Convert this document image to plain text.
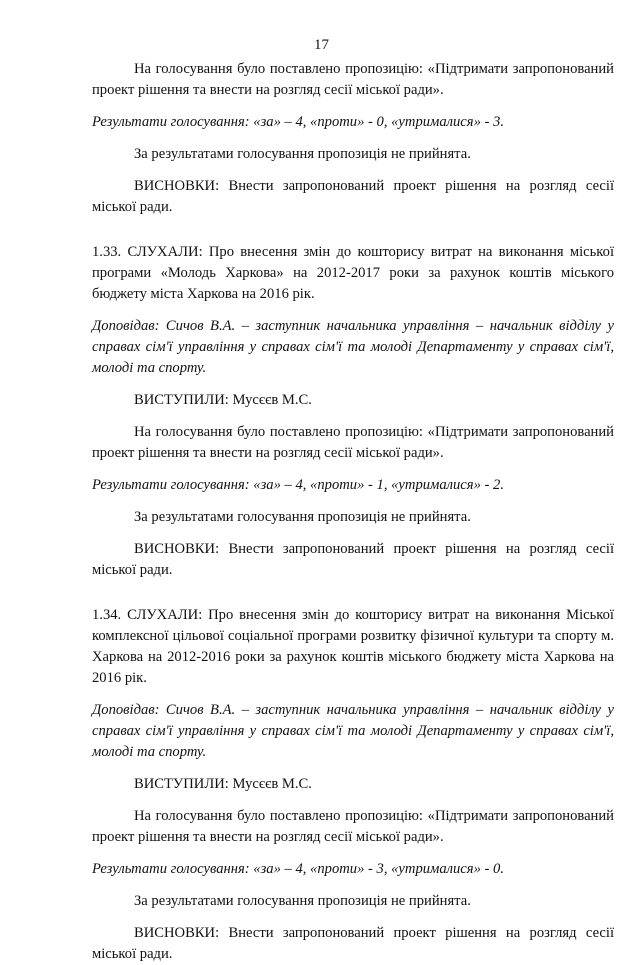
17

На голосування було поставлено пропозицію: «Підтримати запропонований проект рішення та внести на розгляд сесії міської ради».

Результати голосування: «за» – 4, «проти» - 0, «утрималися» - 3.

За результатами голосування пропозиція не прийнята.

ВИСНОВКИ: Внести запропонований проект рішення на розгляд сесії міської ради.

1.33. СЛУХАЛИ: Про внесення змін до кошторису витрат на виконання міської програми «Молодь Харкова» на 2012-2017 роки за рахунок коштів міського бюджету міста Харкова на 2016 рік.

Доповідав: Сичов В.А. – заступник начальника управління – начальник відділу у справах сім'ї управління у справах сім'ї та молоді Департаменту у справах сім'ї, молоді та спорту.

ВИСТУПИЛИ: Мусєєв М.С.

На голосування було поставлено пропозицію: «Підтримати запропонований проект рішення та внести на розгляд сесії міської ради».

Результати голосування: «за» – 4, «проти» - 1, «утрималися» - 2.

За результатами голосування пропозиція не прийнята.

ВИСНОВКИ: Внести запропонований проект рішення на розгляд сесії міської ради.

1.34. СЛУХАЛИ: Про внесення змін до кошторису витрат на виконання Міської комплексної цільової соціальної програми розвитку фізичної культури та спорту м. Харкова на 2012-2016 роки за рахунок коштів міського бюджету міста Харкова на 2016 рік.

Доповідав: Сичов В.А. – заступник начальника управління – начальник відділу у справах сім'ї управління у справах сім'ї та молоді Департаменту у справах сім'ї, молоді та спорту.

ВИСТУПИЛИ: Мусєєв М.С.

На голосування було поставлено пропозицію: «Підтримати запропонований проект рішення та внести на розгляд сесії міської ради».

Результати голосування: «за» – 4, «проти» - 3, «утрималися» - 0.

За результатами голосування пропозиція не прийнята.

ВИСНОВКИ: Внести запропонований проект рішення на розгляд сесії міської ради.
